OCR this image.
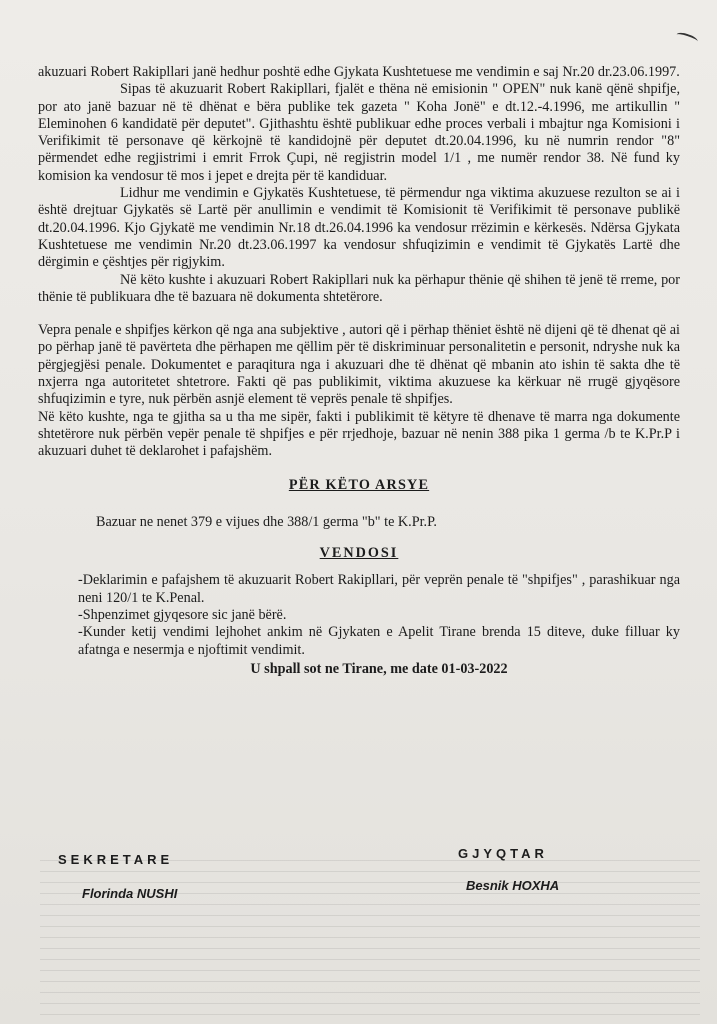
akuzuari Robert Rakipllari janë hedhur poshtë edhe Gjykata Kushtetuese me vendimin e saj Nr.20 dr.23.06.1997.

Sipas të akuzuarit Robert Rakipllari, fjalët e thëna në emisionin " OPEN" nuk kanë qënë shpifje, por ato janë bazuar në të dhënat e bëra publike tek gazeta " Koha Jonë" e dt.12.-4.1996, me artikullin " Eleminohen 6 kandidatë për deputet". Gjithashtu është publikuar edhe proces verbali i mbajtur nga Komisioni i Verifikimit të personave që kërkojnë të kandidojnë për deputet dt.20.04.1996, ku në numrin rendor "8" përmendet edhe regjistrimi i emrit Frrok Çupi, në regjistrin model 1/1 , me numër rendor 38. Në fund ky komision ka vendosur të mos i jepet e drejta për të kandiduar.

Lidhur me vendimin e Gjykatës Kushtetuese, të përmendur nga viktima akuzuese rezulton se ai i është drejtuar Gjykatës së Lartë për anullimin e vendimit të Komisionit të Verifikimit të personave publikë dt.20.04.1996. Kjo Gjykatë me vendimin Nr.18 dt.26.04.1996 ka vendosur rrëzimin e kërkesës. Ndërsa Gjykata Kushtetuese me vendimin Nr.20 dt.23.06.1997 ka vendosur shfuqizimin e vendimit të Gjykatës Lartë dhe dërgimin e çështjes për rigjykim.

Në këto kushte i akuzuari Robert Rakipllari nuk ka përhapur thënie që shihen të jenë të rreme, por thënie të publikuara dhe të bazuara në dokumenta shtetërore.

Vepra penale e shpifjes kërkon që nga ana subjektive , autori që i përhap thëniet është në dijeni që të dhenat që ai po përhap janë të pavërteta dhe përhapen me qëllim për të diskriminuar personalitetin e personit, ndryshe nuk ka përgjegjësi penale. Dokumentet e paraqitura nga i akuzuari dhe të dhënat që mbanin ato ishin të sakta dhe të nxjerra nga autoritetet shtetrore. Fakti që pas publikimit, viktima akuzuese ka kërkuar në rrugë gjyqësore shfuqizimin e tyre, nuk përbën asnjë element të veprës penale të shpifjes.

Në këto kushte, nga te gjitha sa u tha me sipër, fakti i publikimit të këtyre të dhenave të marra nga dokumente shtetërore nuk përbën vepër penale të shpifjes e për rrjedhoje, bazuar në nenin 388 pika 1 germa /b te K.Pr.P i akuzuari duhet të deklarohet i pafajshëm.

PËR KËTO ARSYE

Bazuar ne nenet 379 e vijues dhe 388/1 germa "b" te K.Pr.P.

VENDOSI

-Deklarimin e pafajshem të akuzuarit Robert Rakipllari, për veprën penale të "shpifjes" , parashikuar nga neni 120/1 te K.Penal.

-Shpenzimet gjyqesore sic janë bërë.

-Kunder ketij vendimi lejhohet ankim në Gjykaten e Apelit Tirane brenda 15 diteve, duke filluar ky afatnga e nesermja e njoftimit vendimit.

U shpall sot ne Tirane, me date 01-03-2022

SEKRETARE
Florinda NUSHI
GJYQTAR
Besnik HOXHA
